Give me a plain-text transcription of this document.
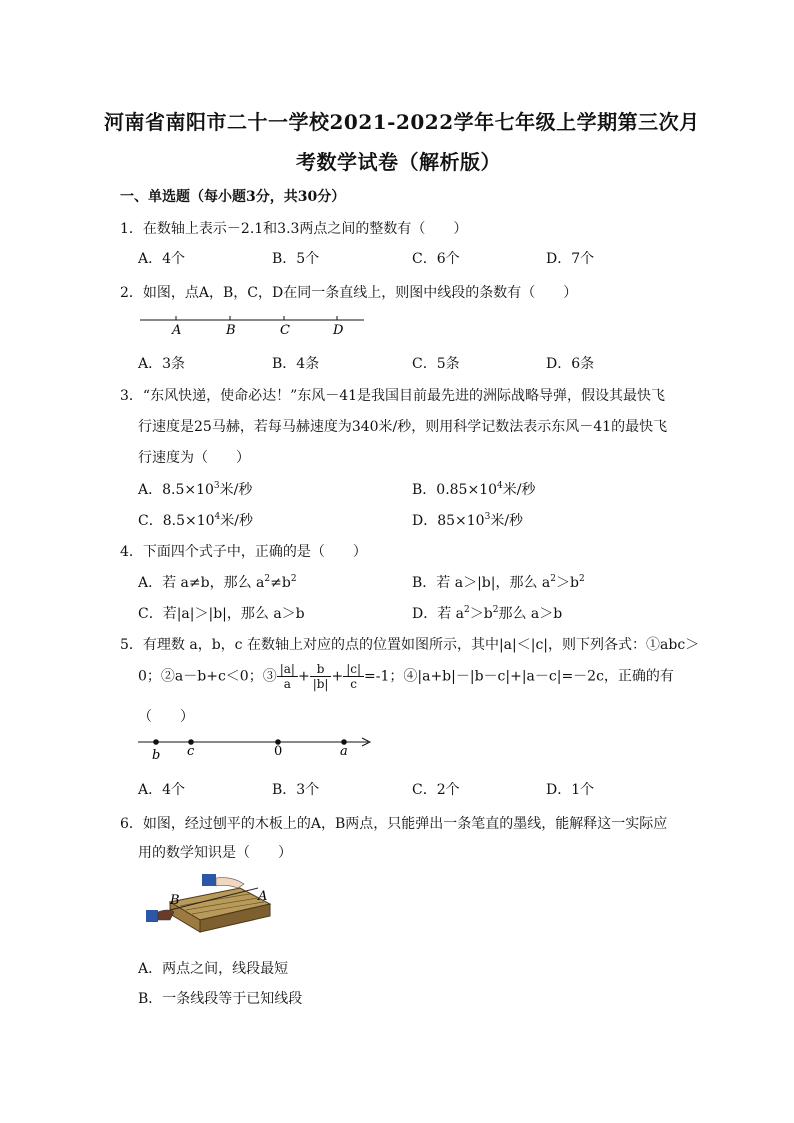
河南省南阳市二十一学校2021-2022学年七年级上学期第三次月
考数学试卷（解析版）
一、单选题（每小题3分，共30分）
1．在数轴上表示－2.1和3.3两点之间的整数有（　　）
A．4个	B．5个	C．6个	D．7个
2．如图，点A，B，C，D在同一条直线上，则图中线段的条数有（　　）
A	B	C	D
A．3条	B．4条	C．5条	D．6条
3．“东风快递，使命必达！”东风－41是我国目前最先进的洲际战略导弹，假设其最快飞
行速度是25马赫，若每马赫速度为340米/秒，则用科学记数法表示东风－41的最快飞
行速度为（　　）
A．$8.5\times 10^3$米/秒	B．$0.85\times 10^4$米/秒
C．$8.5\times 10^4$米/秒	D．$85\times 10^3$米/秒
4．下面四个式子中，正确的是（　　）
A．若 a≠b，那么 $a^2\ne b^2$	B．若 a＞|b|，那么 $a^2>b^2$
C．若|a|＞|b|，那么 a＞b	D．若 $a^2>b^2$那么 a＞b
5．有理数 a，b，c 在数轴上对应的点的位置如图所示，其中|a|＜|c|，则下列各式：①abc＞
0；②a－b+c＜0；③ $\frac{|a|}{a} + \frac{b}{|b|} + \frac{|c|}{c} =-1$；④|a+b|－|b－c|+|a－c|=－2c，正确的有
（　　）
b c	0	a
A．4个	B．3个	C．2个	D．1个
6．如图，经过刨平的木板上的A，B两点，只能弹出一条笔直的墨线，能解释这一实际应
用的数学知识是（　　）
B	A
A．两点之间，线段最短
B．一条线段等于已知线段
